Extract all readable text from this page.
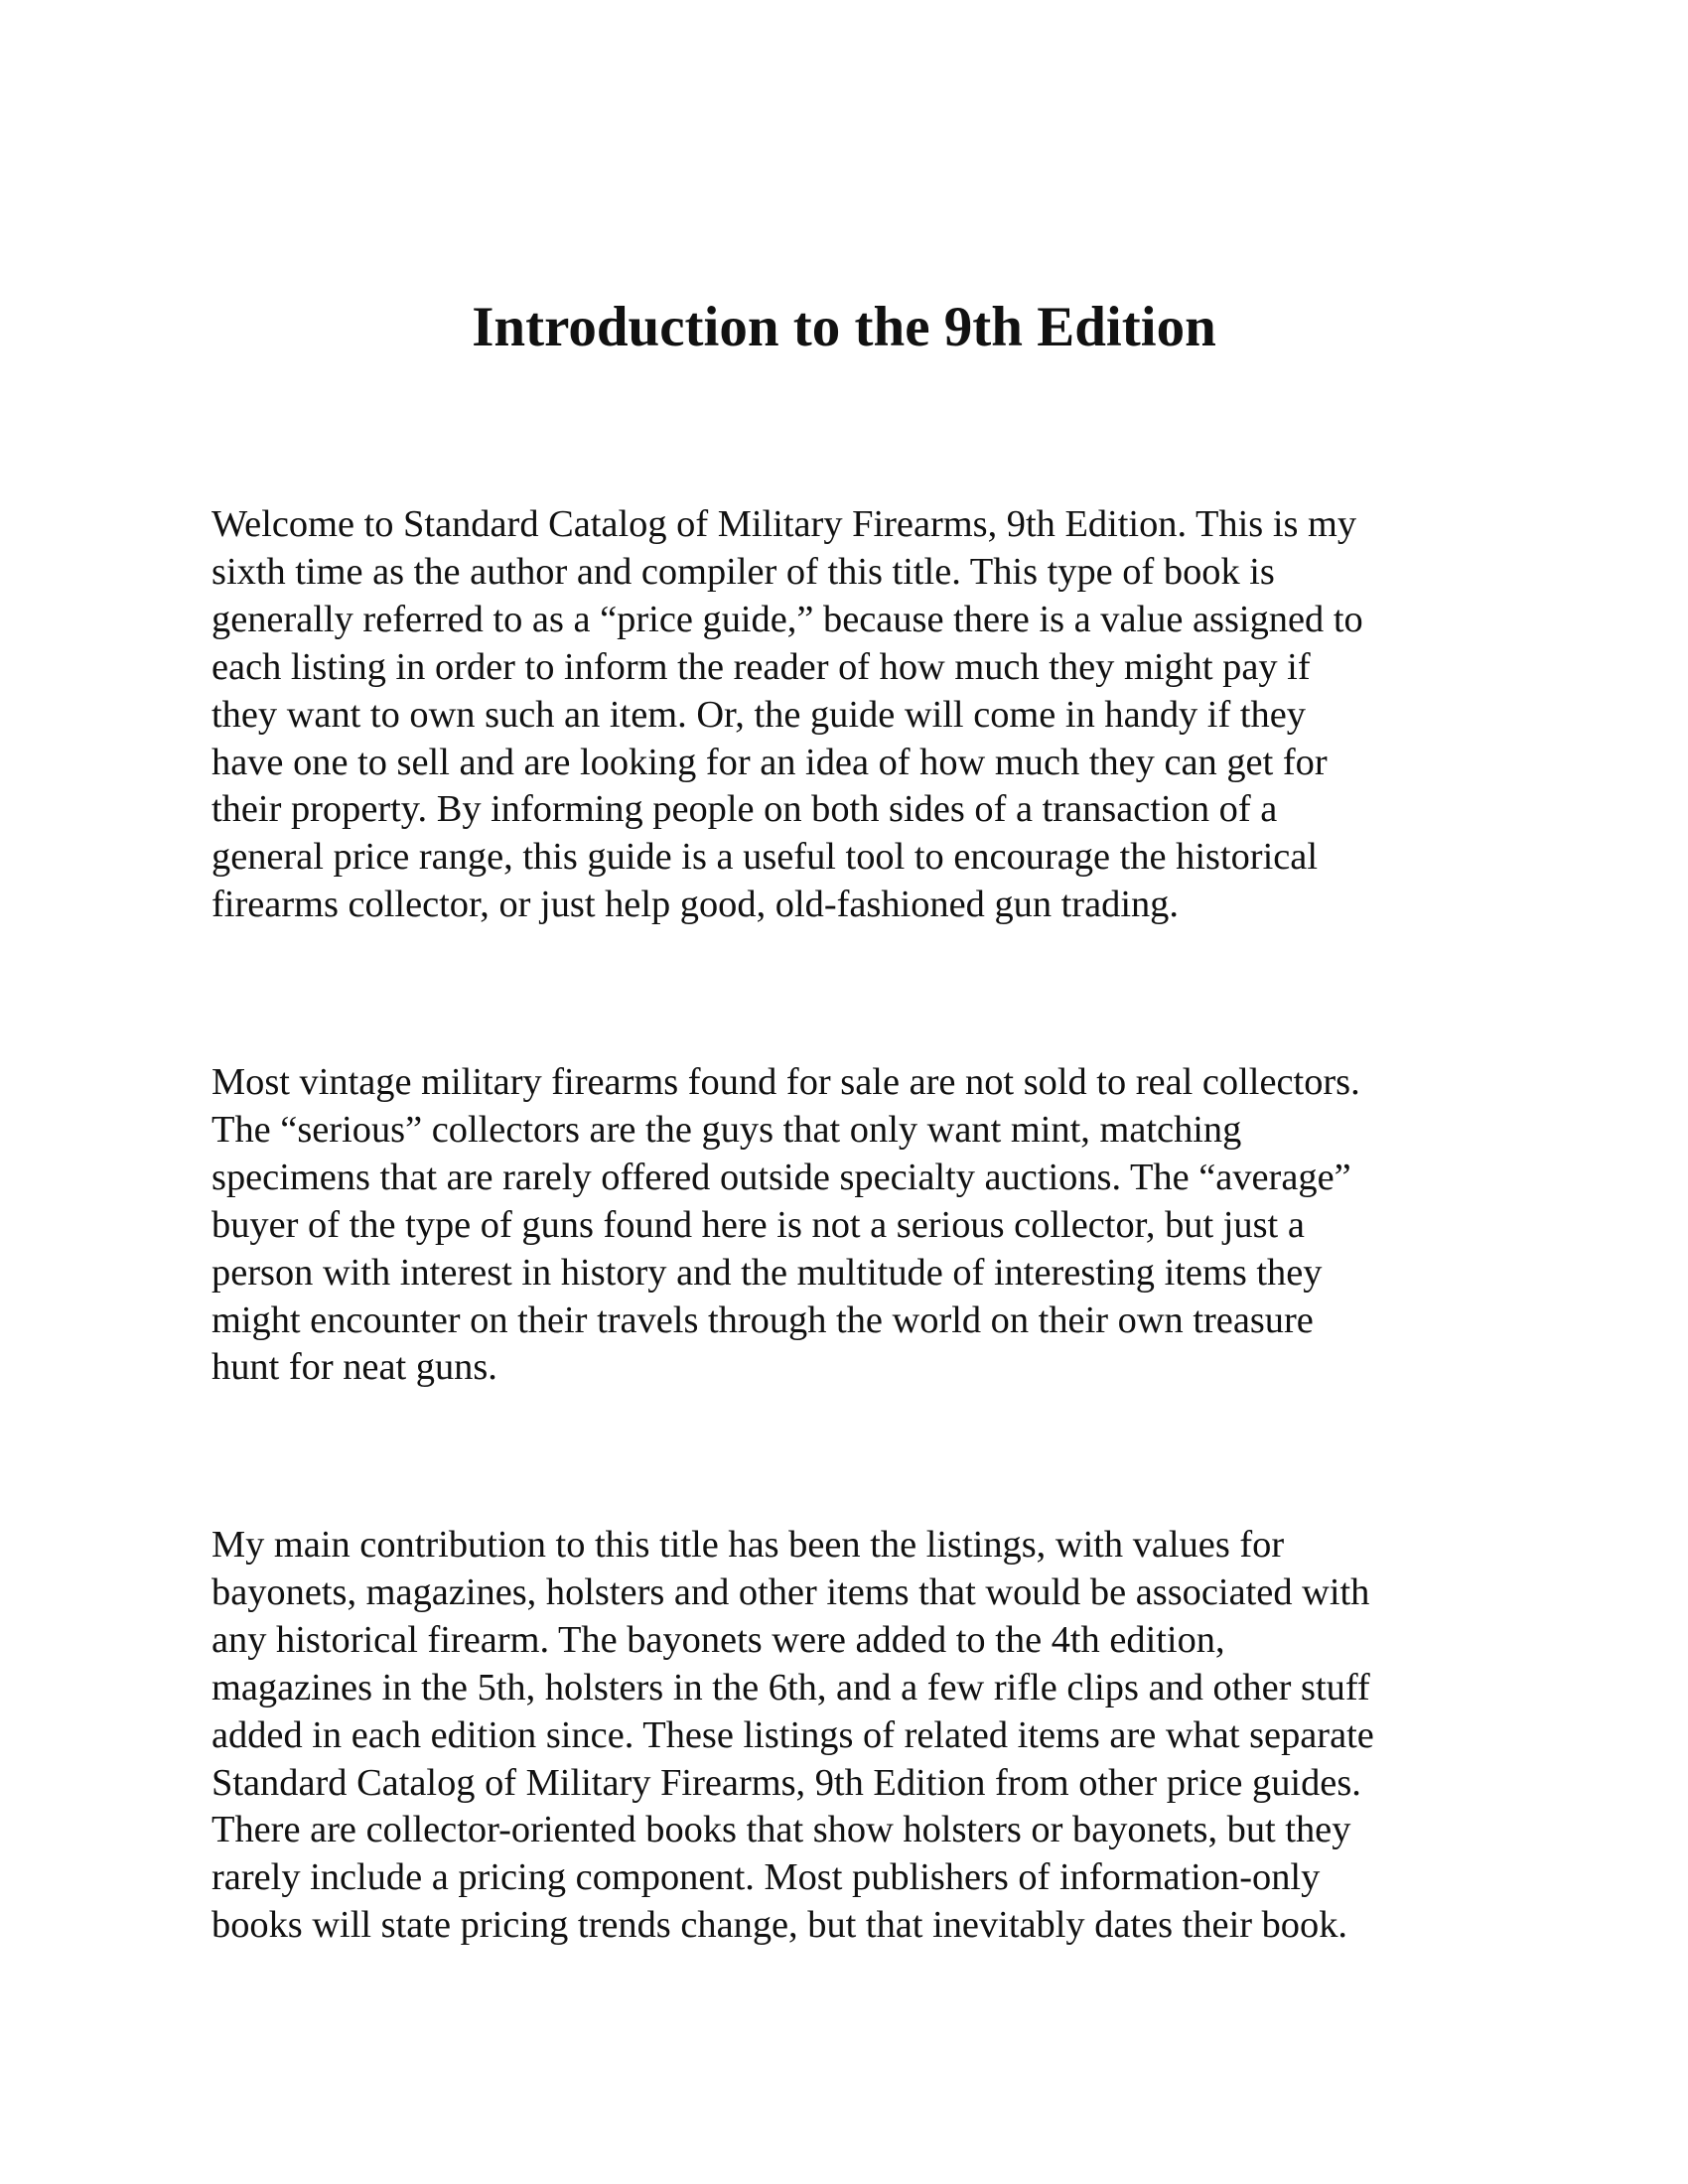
Introduction to the 9th Edition

Welcome to Standard Catalog of Military Firearms, 9th Edition. This is my
sixth time as the author and compiler of this title. This type of book is
generally referred to as a “price guide,” because there is a value assigned to
each listing in order to inform the reader of how much they might pay if
they want to own such an item. Or, the guide will come in handy if they
have one to sell and are looking for an idea of how much they can get for
their property. By informing people on both sides of a transaction of a
general price range, this guide is a useful tool to encourage the historical
firearms collector, or just help good, old-fashioned gun trading.

Most vintage military firearms found for sale are not sold to real collectors.
The “serious” collectors are the guys that only want mint, matching
specimens that are rarely offered outside specialty auctions. The “average”
buyer of the type of guns found here is not a serious collector, but just a
person with interest in history and the multitude of interesting items they
might encounter on their travels through the world on their own treasure
hunt for neat guns.

My main contribution to this title has been the listings, with values for
bayonets, magazines, holsters and other items that would be associated with
any historical firearm. The bayonets were added to the 4th edition,
magazines in the 5th, holsters in the 6th, and a few rifle clips and other stuff
added in each edition since. These listings of related items are what separate
Standard Catalog of Military Firearms, 9th Edition from other price guides.
There are collector-oriented books that show holsters or bayonets, but they
rarely include a pricing component. Most publishers of information-only
books will state pricing trends change, but that inevitably dates their book.
